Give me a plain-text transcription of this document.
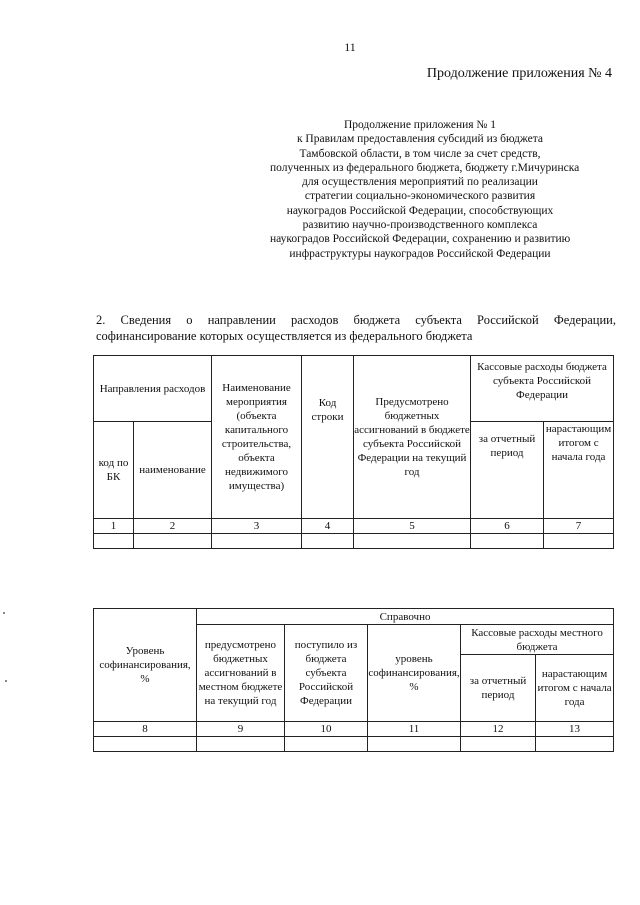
11
Продолжение приложения № 4
Продолжение приложения № 1
к Правилам предоставления субсидий из бюджета
Тамбовской области, в том числе за счет средств,
полученных из федерального бюджета, бюджету г.Мичуринска
для осуществления мероприятий по реализации
стратегии социально-экономического развития
наукоградов Российской Федерации, способствующих
развитию научно-производственного комплекса
наукоградов Российской Федерации, сохранению и развитию
инфраструктуры наукоградов Российской Федерации
2. Сведения о направлении расходов бюджета субъекта Российской Федерации, софинансирование которых осуществляется из федерального бюджета
Направления расходов		Наименование мероприятия (объекта капитального строительства, объекта недвижимого имущества)	Код строки	Предусмотрено бюджетных ассигнований в бюджете субъекта Российской Федерации на текущий год	Кассовые расходы бюджета субъекта Российской Федерации	
код по БК	наименование				за отчетный период	нарастающим итогом с начала года
1	2	3	4	5	6	7

Уровень софинансирования, %	Справочно				
	предусмотрено бюджетных ассигнований в местном бюджете на текущий год	поступило из бюджета субъекта Российской Федерации	уровень софинансирования, %	Кассовые расходы местного бюджета	
				за отчетный период	нарастающим итогом с начала года
8	9	10	11	12	13
